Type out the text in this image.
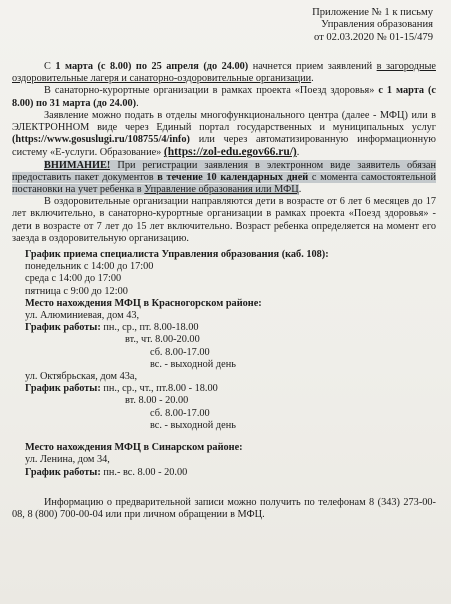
Приложение № 1 к письму
Управления образования
от 02.03.2020 № 01-15/479

С 1 марта (с 8.00) по 25 апреля (до 24.00) начнется прием заявлений в загородные оздоровительные лагеря и санаторно-оздоровительные организации.

В санаторно-курортные организации в рамках проекта «Поезд здоровья» с 1 марта (с 8.00) по 31 марта (до 24.00).

Заявление можно подать в отделы многофункционального центра (далее - МФЦ) или в ЭЛЕКТРОННОМ виде через Единый портал государственных и муниципальных услуг (https://www.gosuslugi.ru/108755/4/info) или через автоматизированную информационную систему «Е-услуги. Образование» (https://zol-edu.egov66.ru/).

ВНИМАНИЕ! При регистрации заявления в электронном виде заявитель обязан предоставить пакет документов в течение 10 календарных дней с момента самостоятельной постановки на учет ребенка в Управление образования или МФЦ.

В оздоровительные организации направляются дети в возрасте от 6 лет 6 месяцев до 17 лет включительно, в санаторно-курортные организации в рамках проекта «Поезд здоровья» - дети в возрасте от 7 лет до 15 лет включительно. Возраст ребенка определяется на момент его заезда в оздоровительную организацию.

График приема специалиста Управления образования (каб. 108):
понедельник с 14:00 до 17:00
среда с 14:00 до 17:00
пятница с 9:00 до 12:00
Место нахождения МФЦ в Красногорском районе:
ул. Алюминиевая, дом 43,
График работы: пн., ср., пт. 8.00-18.00
вт., чт. 8.00-20.00
сб. 8.00-17.00
вс. - выходной день
ул. Октябрьская, дом 43а,
График работы: пн., ср., чт., пт.8.00 - 18.00
вт. 8.00 - 20.00
сб. 8.00-17.00
вс. - выходной день
Место нахождения МФЦ в Синарском районе:
ул. Ленина, дом 34,
График работы: пн.- вс. 8.00 - 20.00

Информацию о предварительной записи можно получить по телефонам 8 (343) 273-00-08, 8 (800) 700-00-04 или при личном обращении в МФЦ.
